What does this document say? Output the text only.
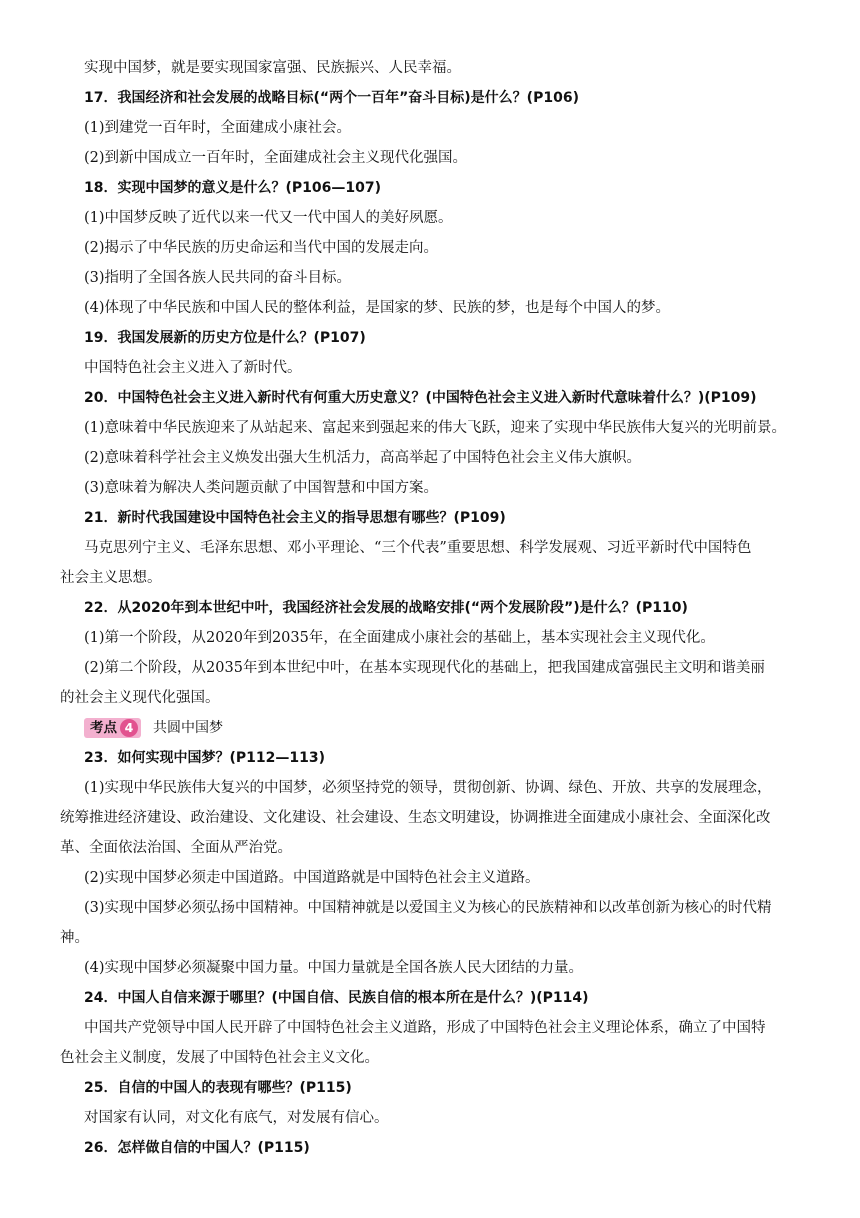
实现中国梦，就是要实现国家富强、民族振兴、人民幸福。
17．我国经济和社会发展的战略目标(“两个一百年”奋斗目标)是什么？(P106)
(1)到建党一百年时，全面建成小康社会。
(2)到新中国成立一百年时，全面建成社会主义现代化强国。
18．实现中国梦的意义是什么？(P106—107)
(1)中国梦反映了近代以来一代又一代中国人的美好夙愿。
(2)揭示了中华民族的历史命运和当代中国的发展走向。
(3)指明了全国各族人民共同的奋斗目标。
(4)体现了中华民族和中国人民的整体利益，是国家的梦、民族的梦，也是每个中国人的梦。
19．我国发展新的历史方位是什么？(P107)
中国特色社会主义进入了新时代。
20．中国特色社会主义进入新时代有何重大历史意义？(中国特色社会主义进入新时代意味着什么？)(P109)
(1)意味着中华民族迎来了从站起来、富起来到强起来的伟大飞跃，迎来了实现中华民族伟大复兴的光明前景。
(2)意味着科学社会主义焕发出强大生机活力，高高举起了中国特色社会主义伟大旗帜。
(3)意味着为解决人类问题贡献了中国智慧和中国方案。
21．新时代我国建设中国特色社会主义的指导思想有哪些？(P109)
马克思列宁主义、毛泽东思想、邓小平理论、“三个代表”重要思想、科学发展观、习近平新时代中国特色
社会主义思想。
22．从2020年到本世纪中叶，我国经济社会发展的战略安排(“两个发展阶段”)是什么？(P110)
(1)第一个阶段，从2020年到2035年，在全面建成小康社会的基础上，基本实现社会主义现代化。
(2)第二个阶段，从2035年到本世纪中叶，在基本实现现代化的基础上，把我国建成富强民主文明和谐美丽
的社会主义现代化强国。
考点 4	共圆中国梦
23．如何实现中国梦？(P112—113)
(1)实现中华民族伟大复兴的中国梦，必须坚持党的领导，贯彻创新、协调、绿色、开放、共享的发展理念，
统筹推进经济建设、政治建设、文化建设、社会建设、生态文明建设，协调推进全面建成小康社会、全面深化改
革、全面依法治国、全面从严治党。
(2)实现中国梦必须走中国道路。中国道路就是中国特色社会主义道路。
(3)实现中国梦必须弘扬中国精神。中国精神就是以爱国主义为核心的民族精神和以改革创新为核心的时代精
神。
(4)实现中国梦必须凝聚中国力量。中国力量就是全国各族人民大团结的力量。
24．中国人自信来源于哪里？(中国自信、民族自信的根本所在是什么？)(P114)
中国共产党领导中国人民开辟了中国特色社会主义道路，形成了中国特色社会主义理论体系，确立了中国特
色社会主义制度，发展了中国特色社会主义文化。
25．自信的中国人的表现有哪些？(P115)
对国家有认同，对文化有底气，对发展有信心。
26．怎样做自信的中国人？(P115)
